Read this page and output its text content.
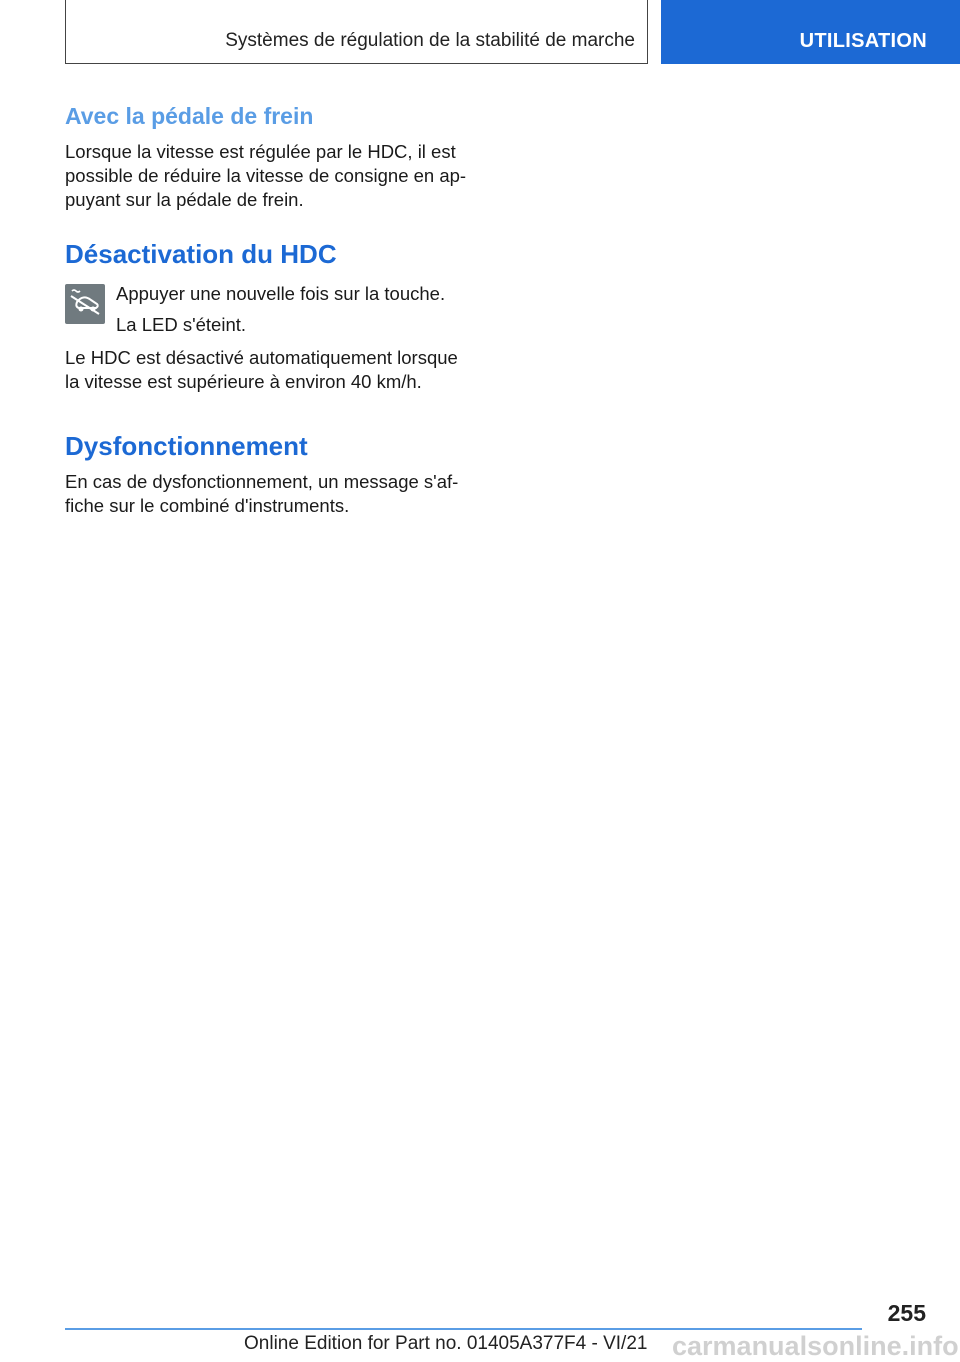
Systèmes de régulation de la stabilité de marche	UTILISATION
Avec la pédale de frein
Lorsque la vitesse est régulée par le HDC, il est
possible de réduire la vitesse de consigne en ap-
puyant sur la pédale de frein.
Désactivation du HDC
Appuyer une nouvelle fois sur la touche.
La LED s'éteint.
Le HDC est désactivé automatiquement lorsque
la vitesse est supérieure à environ 40 km/h.
Dysfonctionnement
En cas de dysfonctionnement, un message s'af-
fiche sur le combiné d'instruments.
255
Online Edition for Part no. 01405A377F4 - VI/21 carmanualsonline.info
